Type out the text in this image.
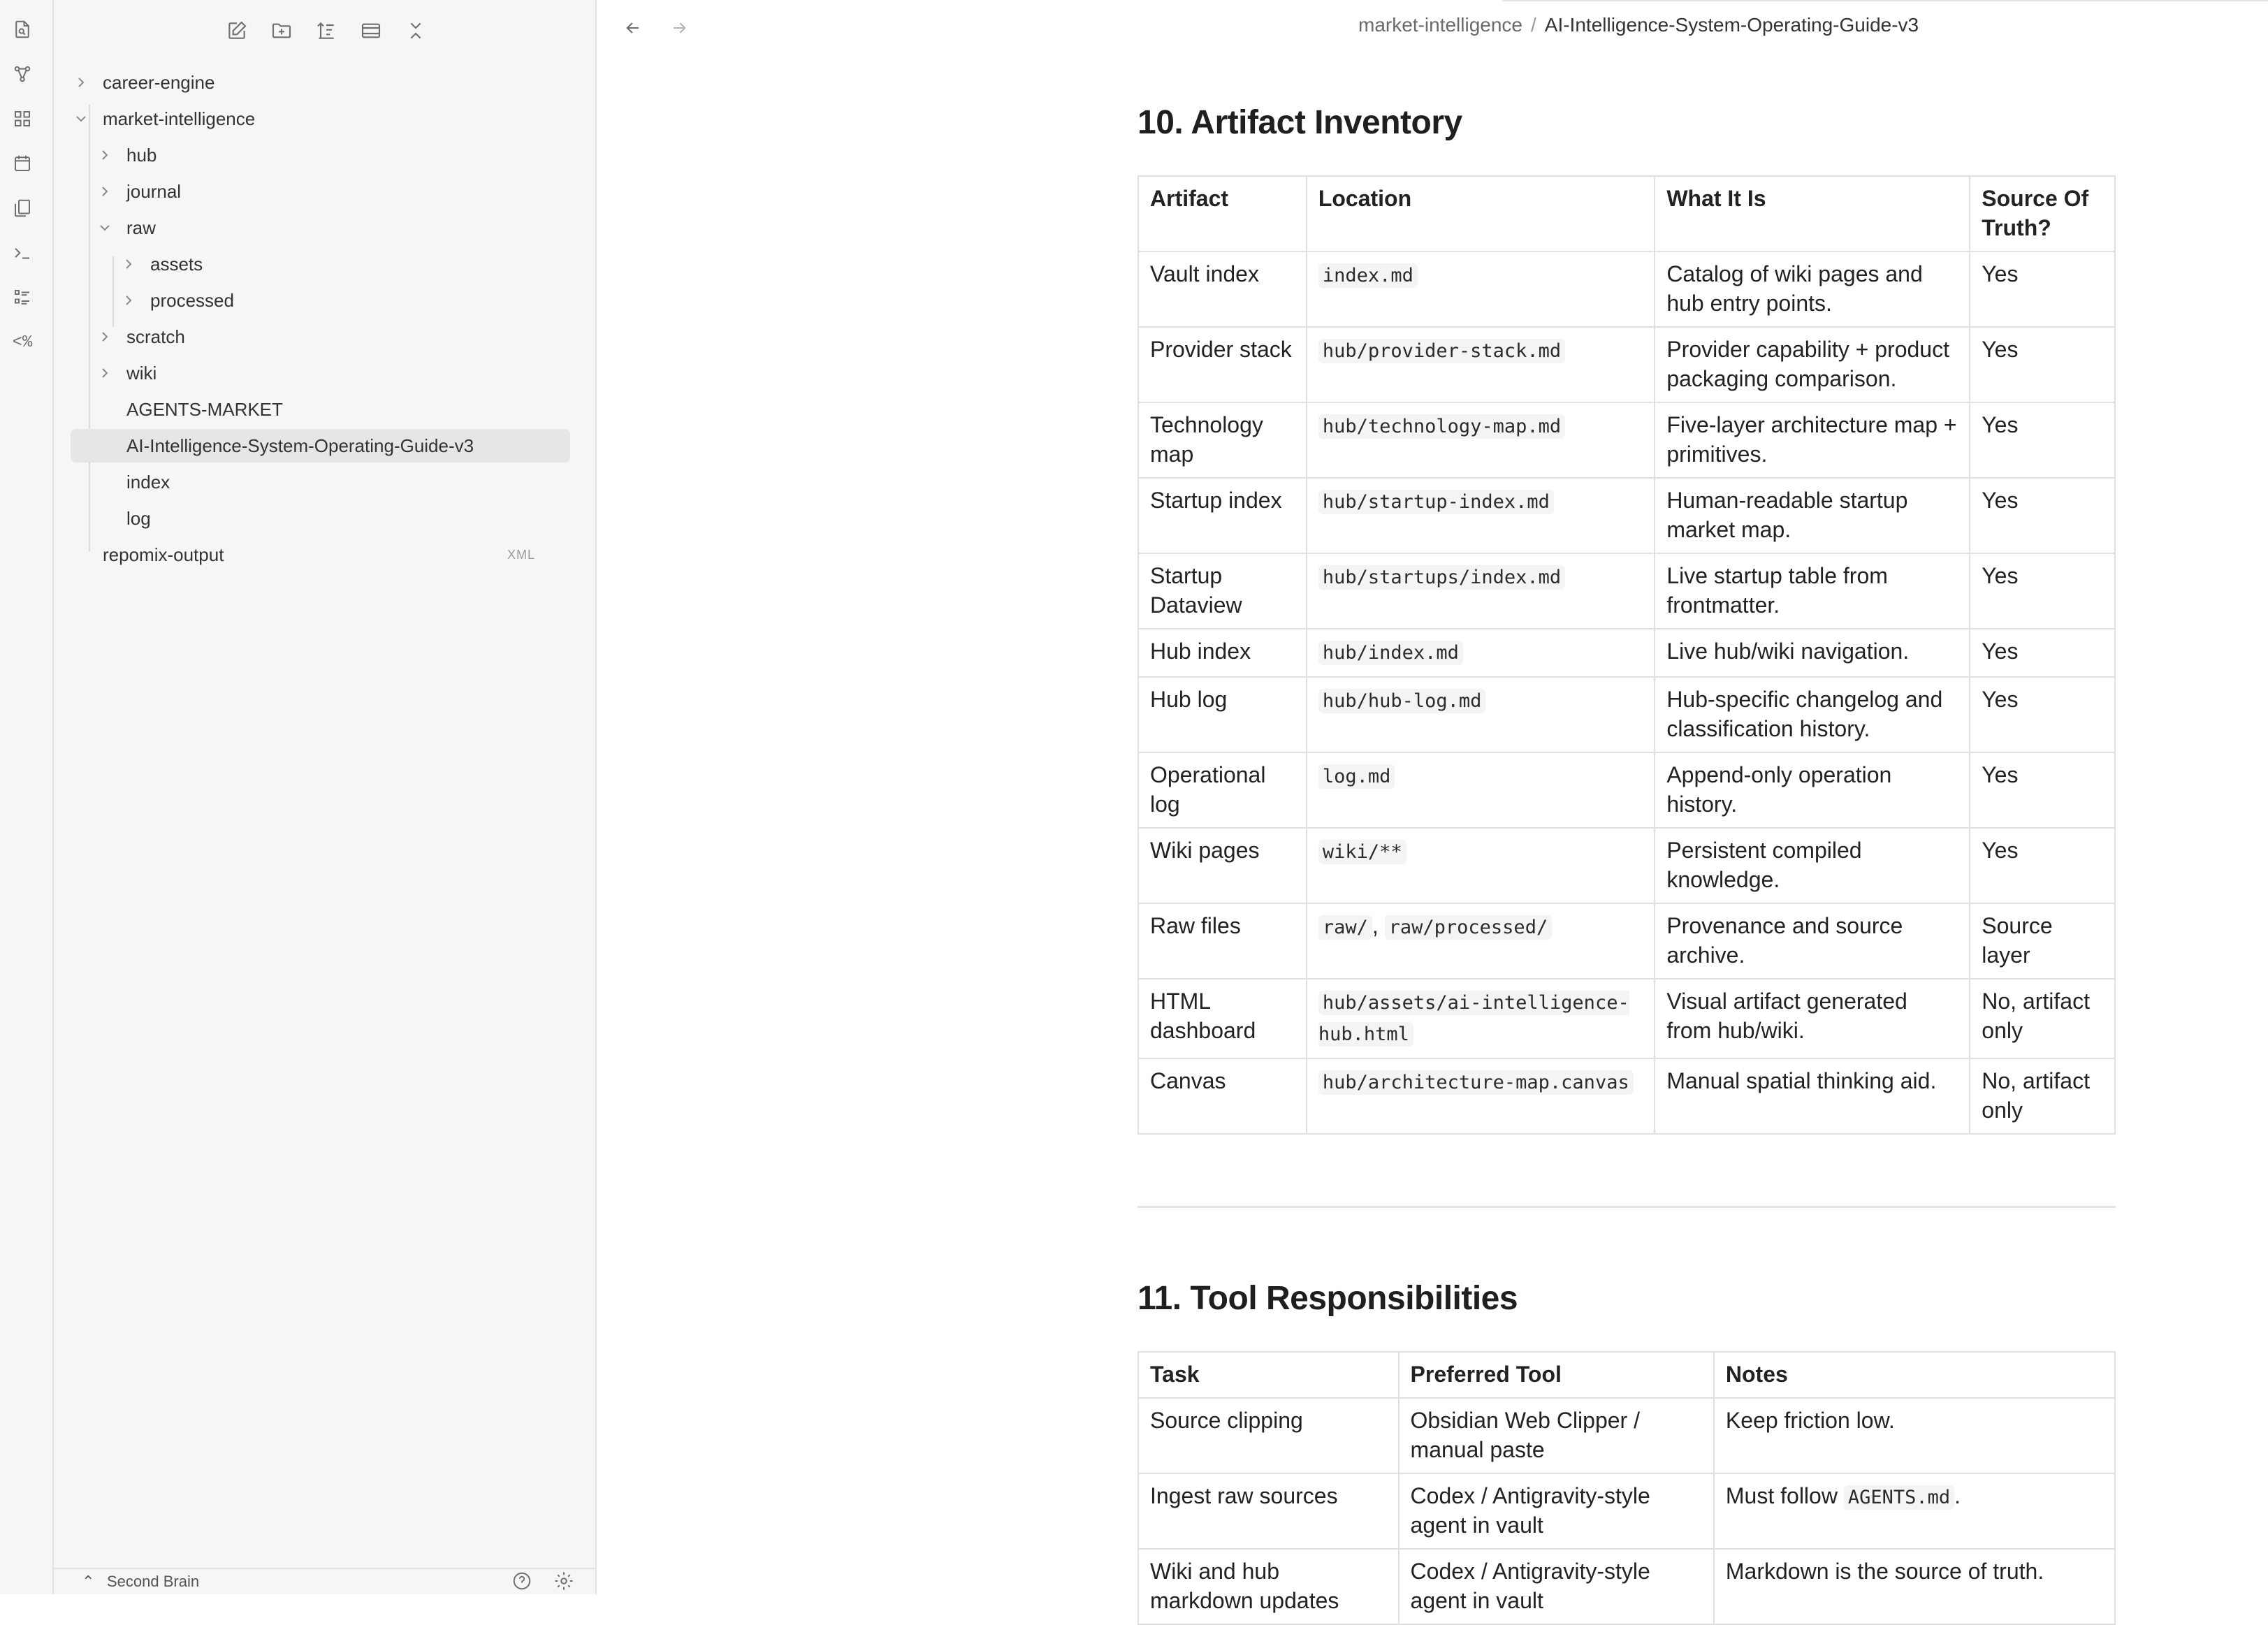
<%
career-engine
market-intelligence
hub
journal
raw
assets
processed
scratch
wiki
AGENTS-MARKET
AI-Intelligence-System-Operating-Guide-v3
index
log
repomix-output	XML
⌃ Second Brain
market-intelligence / AI-Intelligence-System-Operating-Guide-v3
10. Artifact Inventory
Artifact	Location	What It Is	Source Of Truth?
Vault index	index.md	Catalog of wiki pages and hub entry points.	Yes
Provider stack	hub/provider-stack.md	Provider capability + product packaging comparison.	Yes
Technology map	hub/technology-map.md	Five-layer architecture map + primitives.	Yes
Startup index	hub/startup-index.md	Human-readable startup market map.	Yes
Startup Dataview	hub/startups/index.md	Live startup table from frontmatter.	Yes
Hub index	hub/index.md	Live hub/wiki navigation.	Yes
Hub log	hub/hub-log.md	Hub-specific changelog and classification history.	Yes
Operational log	log.md	Append-only operation history.	Yes
Wiki pages	wiki/**	Persistent compiled knowledge.	Yes
Raw files	raw/ , raw/processed/	Provenance and source archive.	Source layer
HTML dashboard	hub/assets/ai-intelligence-hub.html	Visual artifact generated from hub/wiki.	No, artifact only
Canvas	hub/architecture-map.canvas	Manual spatial thinking aid.	No, artifact only
11. Tool Responsibilities
Task	Preferred Tool	Notes
Source clipping	Obsidian Web Clipper / manual paste	Keep friction low.
Ingest raw sources	Codex / Antigravity-style agent in vault	Must follow AGENTS.md .
Wiki and hub markdown updates	Codex / Antigravity-style agent in vault	Markdown is the source of truth.
